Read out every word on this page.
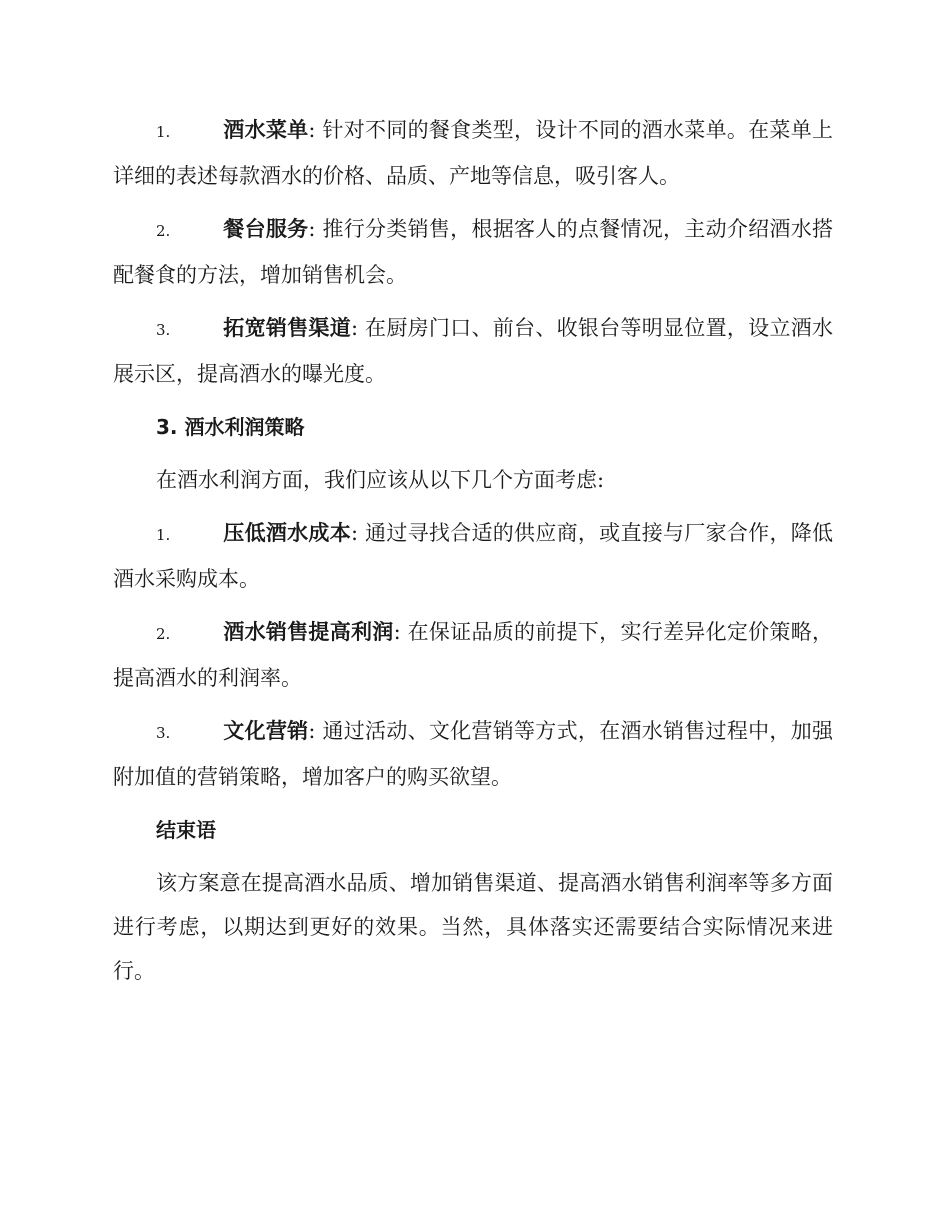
1.	酒水菜单: 针对不同的餐食类型，设计不同的酒水菜单。在菜单上详细的表述每款酒水的价格、品质、产地等信息，吸引客人。

2.	餐台服务: 推行分类销售，根据客人的点餐情况，主动介绍酒水搭配餐食的方法，增加销售机会。

3.	拓宽销售渠道: 在厨房门口、前台、收银台等明显位置，设立酒水展示区，提高酒水的曝光度。

3. 酒水利润策略

在酒水利润方面，我们应该从以下几个方面考虑:

1.	压低酒水成本: 通过寻找合适的供应商，或直接与厂家合作，降低酒水采购成本。

2.	酒水销售提高利润: 在保证品质的前提下，实行差异化定价策略，提高酒水的利润率。

3.	文化营销: 通过活动、文化营销等方式，在酒水销售过程中，加强附加值的营销策略，增加客户的购买欲望。

结束语

该方案意在提高酒水品质、增加销售渠道、提高酒水销售利润率等多方面进行考虑，以期达到更好的效果。当然，具体落实还需要结合实际情况来进行。
